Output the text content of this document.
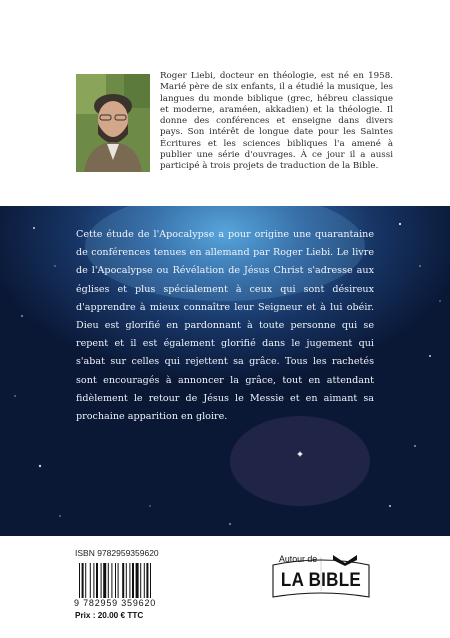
Roger Liebi, docteur en théologie, est né en 1958. Marié père de six enfants, il a étudié la musique, les langues du monde biblique (grec, hébreu classique et moderne, araméen, akkadien) et la théologie. Il donne des conférences et enseigne dans divers pays. Son intérêt de longue date pour les Saintes Écritures et les sciences bibliques l'a amené à publier une série d'ouvrages. À ce jour il a aussi participé à trois projets de traduction de la Bible.

Cette étude de l'Apocalypse a pour origine une quarantaine de conférences tenues en allemand par Roger Liebi. Le livre de l'Apocalypse ou Révélation de Jésus Christ s'adresse aux églises et plus spécialement à ceux qui sont désireux d'apprendre à mieux connaître leur Seigneur et à lui obéir. Dieu est glorifié en pardonnant à toute personne qui se repent et il est également glorifié dans le jugement qui s'abat sur celles qui rejettent sa grâce. Tous les rachetés sont encouragés à annoncer la grâce, tout en attendant fidèlement le retour de Jésus le Messie et en aimant sa prochaine apparition en gloire.

ISBN 9782959359620
9 782959 359620
Prix : 20.00 € TTC
Autour de
LA BIBLE
